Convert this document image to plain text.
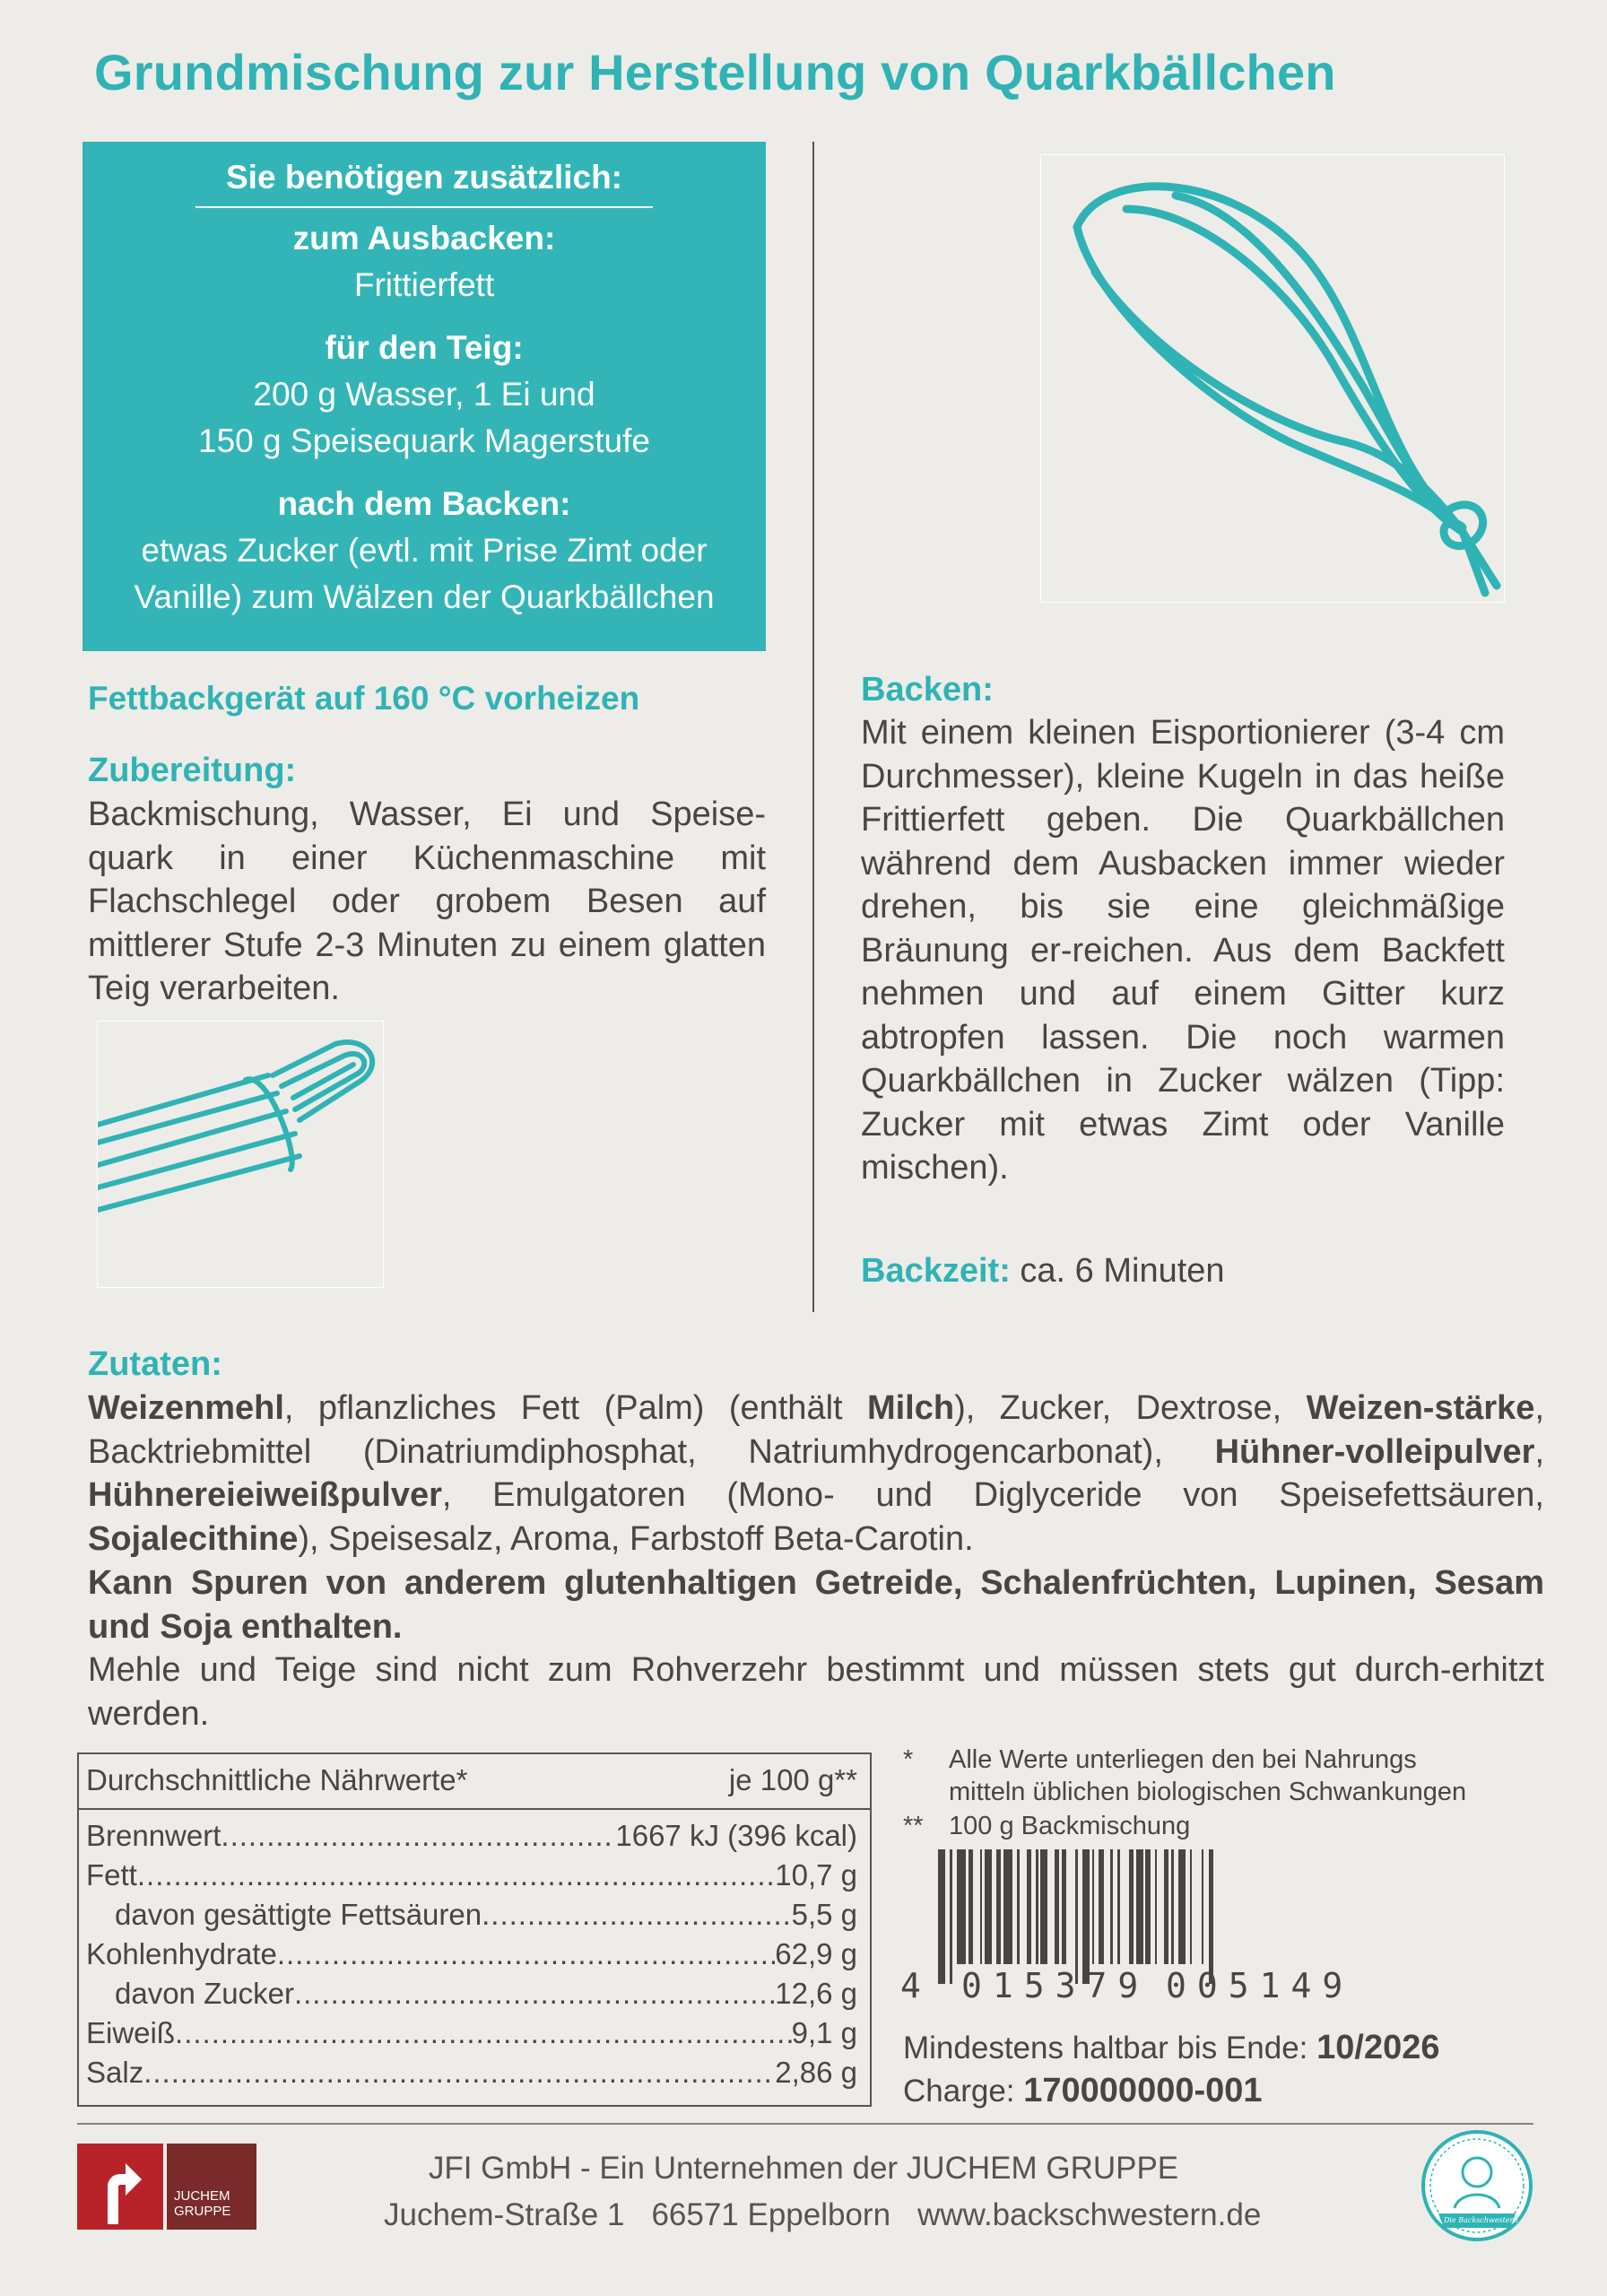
Grundmischung zur Herstellung von Quarkbällchen
Sie benötigen zusätzlich:
zum Ausbacken:
Frittierfett
für den Teig:
200 g Wasser, 1 Ei und
150 g Speisequark Magerstufe
nach dem Backen:
etwas Zucker (evtl. mit Prise Zimt oder
Vanille) zum Wälzen der Quarkbällchen
Fettbackgerät auf 160 °C vorheizen
Zubereitung:
Backmischung, Wasser, Ei und Speise-quark in einer Küchenmaschine mit Flachschlegel oder grobem Besen auf mittlerer Stufe 2-3 Minuten zu einem glatten Teig verarbeiten.
Backen:
Mit einem kleinen Eisportionierer (3-4 cm Durchmesser), kleine Kugeln in das heiße Frittierfett geben. Die Quarkbällchen während dem Ausbacken immer wieder drehen, bis sie eine gleichmäßige Bräunung er-reichen. Aus dem Backfett nehmen und auf einem Gitter kurz abtropfen lassen. Die noch warmen Quarkbällchen in Zucker wälzen (Tipp: Zucker mit etwas Zimt oder Vanille mischen).
Backzeit: ca. 6 Minuten
Zutaten:
Weizenmehl, pflanzliches Fett (Palm) (enthält Milch), Zucker, Dextrose, Weizen-stärke, Backtriebmittel (Dinatriumdiphosphat, Natriumhydrogencarbonat), Hühner-volleipulver, Hühnereieiweißpulver, Emulgatoren (Mono- und Diglyceride von Speisefettsäuren, Sojalecithine), Speisesalz, Aroma, Farbstoff Beta-Carotin.
Kann Spuren von anderem glutenhaltigen Getreide, Schalenfrüchten, Lupinen, Sesam und Soja enthalten.
Mehle und Teige sind nicht zum Rohverzehr bestimmt und müssen stets gut durch-erhitzt werden.
Durchschnittliche Nährwerte*	je 100 g**
Brennwert .....	1667 kJ (396 kcal)
Fett .....	10,7 g
davon gesättigte Fettsäuren .....	5,5 g
Kohlenhydrate .....	62,9 g
davon Zucker .....	12,6 g
Eiweiß .....	9,1 g
Salz .....	2,86 g
* Alle Werte unterliegen den bei Nahrungs
mitteln üblichen biologischen Schwankungen
** 100 g Backmischung
4 015379 005149
Mindestens haltbar bis Ende: 10/2026
Charge: 170000000-001
JUCHEM
GRUPPE
JFI GmbH - Ein Unternehmen der JUCHEM GRUPPE
Juchem-Straße 1 66571 Eppelborn www.backschwestern.de	Die Backschwestern
